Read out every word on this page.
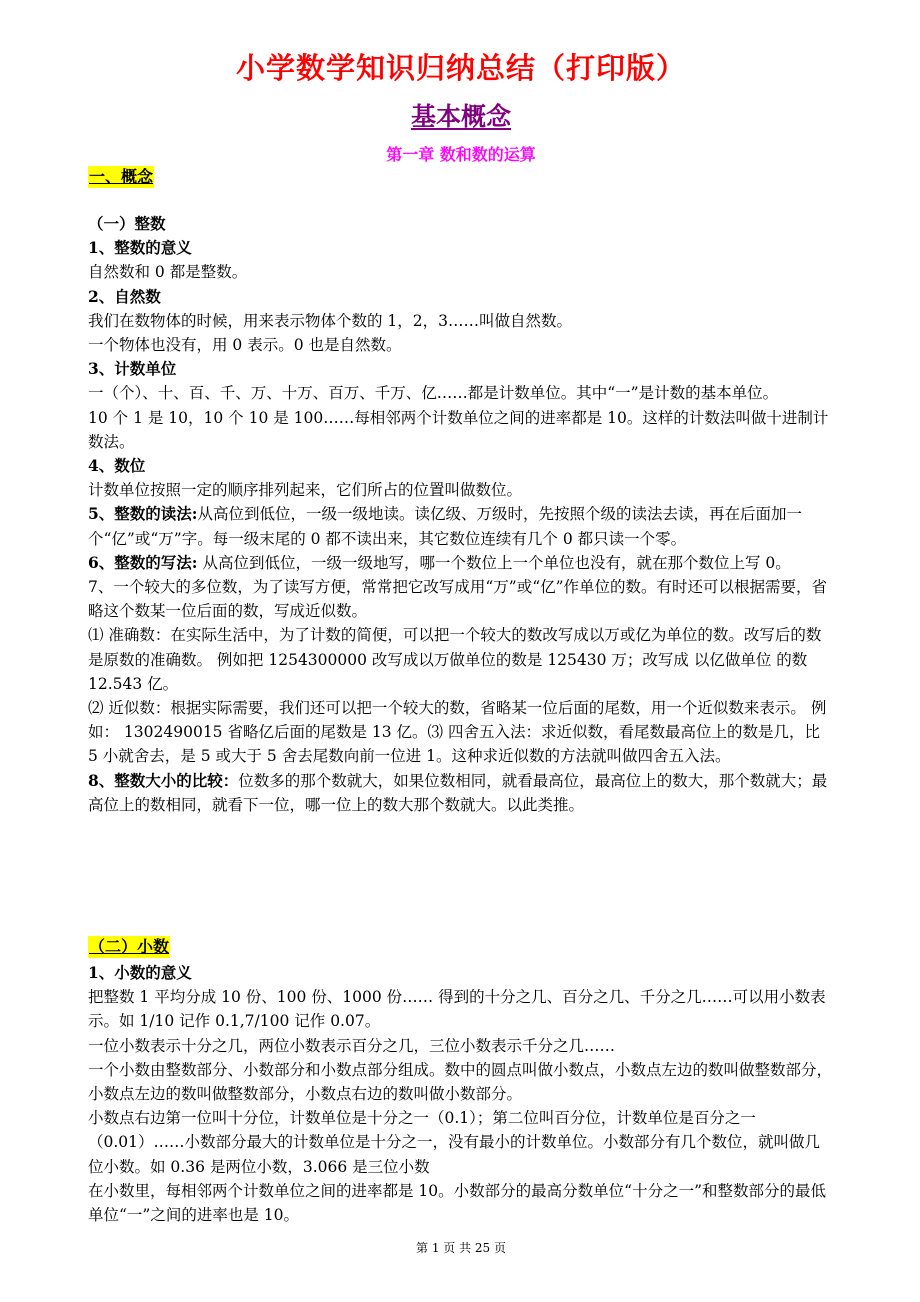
小学数学知识归纳总结（打印版）
基本概念
第一章 数和数的运算
一、概念

（一）整数

1、整数的意义

自然数和 0 都是整数。

2、自然数

我们在数物体的时候，用来表示物体个数的 1，2，3……叫做自然数。

一个物体也没有，用 0 表示。0 也是自然数。

3、计数单位

一（个）、十、百、千、万、十万、百万、千万、亿……都是计数单位。其中“一”是计数的基本单位。

10 个 1 是 10，10 个 10 是 100……每相邻两个计数单位之间的进率都是 10。这样的计数法叫做十进制计数法。

4、数位

计数单位按照一定的顺序排列起来，它们所占的位置叫做数位。

5、整数的读法:从高位到低位，一级一级地读。读亿级、万级时，先按照个级的读法去读，再在后面加一个“亿”或“万”字。每一级末尾的 0 都不读出来，其它数位连续有几个 0 都只读一个零。

6、整数的写法: 从高位到低位，一级一级地写，哪一个数位上一个单位也没有，就在那个数位上写 0。

7、一个较大的多位数，为了读写方便，常常把它改写成用“万”或“亿”作单位的数。有时还可以根据需要，省略这个数某一位后面的数，写成近似数。

⑴ 准确数：在实际生活中，为了计数的简便，可以把一个较大的数改写成以万或亿为单位的数。改写后的数是原数的准确数。 例如把 1254300000 改写成以万做单位的数是 125430 万；改写成 以亿做单位 的数 12.543 亿。

⑵ 近似数：根据实际需要，我们还可以把一个较大的数，省略某一位后面的尾数，用一个近似数来表示。 例如： 1302490015 省略亿后面的尾数是 13 亿。⑶ 四舍五入法：求近似数，看尾数最高位上的数是几，比 5 小就舍去，是 5 或大于 5 舍去尾数向前一位进 1。这种求近似数的方法就叫做四舍五入法。

8、整数大小的比较：位数多的那个数就大，如果位数相同，就看最高位，最高位上的数大，那个数就大；最高位上的数相同，就看下一位，哪一位上的数大那个数就大。以此类推。

（二）小数

1、小数的意义

把整数 1 平均分成 10 份、100 份、1000 份…… 得到的十分之几、百分之几、千分之几……可以用小数表示。如 1/10 记作 0.1,7/100 记作 0.07。

一位小数表示十分之几，两位小数表示百分之几，三位小数表示千分之几……

一个小数由整数部分、小数部分和小数点部分组成。数中的圆点叫做小数点，小数点左边的数叫做整数部分，小数点左边的数叫做整数部分，小数点右边的数叫做小数部分。

小数点右边第一位叫十分位，计数单位是十分之一（0.1）；第二位叫百分位，计数单位是百分之一（0.01）……小数部分最大的计数单位是十分之一，没有最小的计数单位。小数部分有几个数位，就叫做几位小数。如 0.36 是两位小数，3.066 是三位小数

在小数里，每相邻两个计数单位之间的进率都是 10。小数部分的最高分数单位“十分之一”和整数部分的最低单位“一”之间的进率也是 10。

第 1 页 共 25 页
